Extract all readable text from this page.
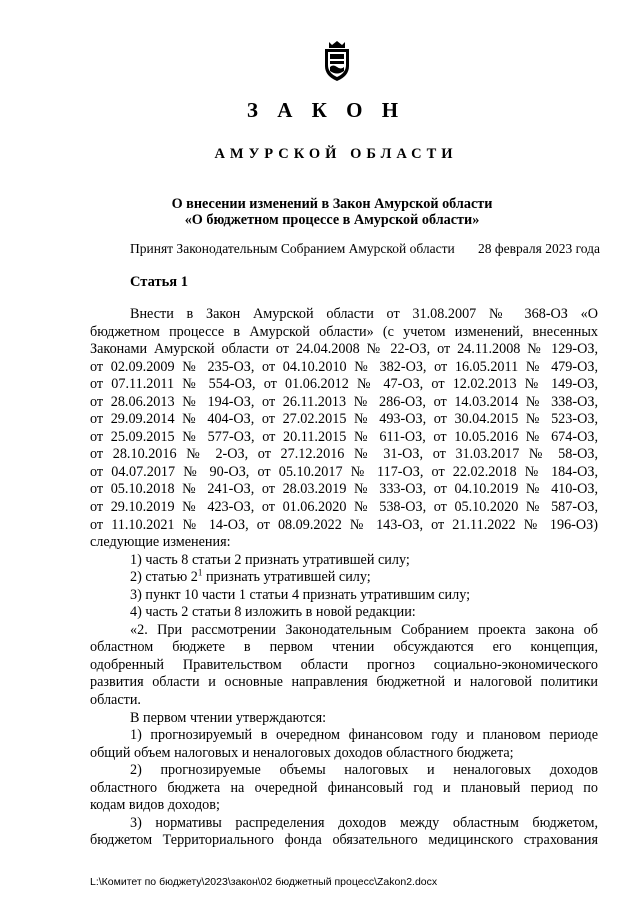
З А К О Н
АМУРСКОЙ ОБЛАСТИ
О внесении изменений в Закон Амурской области
«О бюджетном процессе в Амурской области»
Принят Законодательным Собранием Амурской области 28 февраля 2023 года
Статья 1
Внести в Закон Амурской области от 31.08.2007 № 368-ОЗ «О
бюджетном процессе в Амурской области» (с учетом изменений, внесенных
Законами Амурской области от 24.04.2008 № 22-ОЗ, от 24.11.2008 № 129-ОЗ,
от 02.09.2009 № 235-ОЗ, от 04.10.2010 № 382-ОЗ, от 16.05.2011 № 479-ОЗ,
от 07.11.2011 № 554-ОЗ, от 01.06.2012 № 47-ОЗ, от 12.02.2013 № 149-ОЗ,
от 28.06.2013 № 194-ОЗ, от 26.11.2013 № 286-ОЗ, от 14.03.2014 № 338-ОЗ,
от 29.09.2014 № 404-ОЗ, от 27.02.2015 № 493-ОЗ, от 30.04.2015 № 523-ОЗ,
от 25.09.2015 № 577-ОЗ, от 20.11.2015 № 611-ОЗ, от 10.05.2016 № 674-ОЗ,
от 28.10.2016 № 2-ОЗ, от 27.12.2016 № 31-ОЗ, от 31.03.2017 № 58-ОЗ,
от 04.07.2017 № 90-ОЗ, от 05.10.2017 № 117-ОЗ, от 22.02.2018 № 184-ОЗ,
от 05.10.2018 № 241-ОЗ, от 28.03.2019 № 333-ОЗ, от 04.10.2019 № 410-ОЗ,
от 29.10.2019 № 423-ОЗ, от 01.06.2020 № 538-ОЗ, от 05.10.2020 № 587-ОЗ,
от 11.10.2021 № 14-ОЗ, от 08.09.2022 № 143-ОЗ, от 21.11.2022 № 196-ОЗ)
следующие изменения:
1) часть 8 статьи 2 признать утратившей силу;
2) статью $2^1$ признать утратившей силу;
3) пункт 10 части 1 статьи 4 признать утратившим силу;
4) часть 2 статьи 8 изложить в новой редакции:
«2. При рассмотрении Законодательным Собранием проекта закона об
областном бюджете в первом чтении обсуждаются его концепция,
одобренный Правительством области прогноз социально-экономического
развития области и основные направления бюджетной и налоговой политики
области.
В первом чтении утверждаются:
1) прогнозируемый в очередном финансовом году и плановом периоде
общий объем налоговых и неналоговых доходов областного бюджета;
2) прогнозируемые объемы налоговых и неналоговых доходов
областного бюджета на очередной финансовый год и плановый период по
кодам видов доходов;
3) нормативы распределения доходов между областным бюджетом,
бюджетом Территориального фонда обязательного медицинского страхования
L:\Комитет по бюджету\2023\закон\02 бюджетный процесс\Zakon2.docx
